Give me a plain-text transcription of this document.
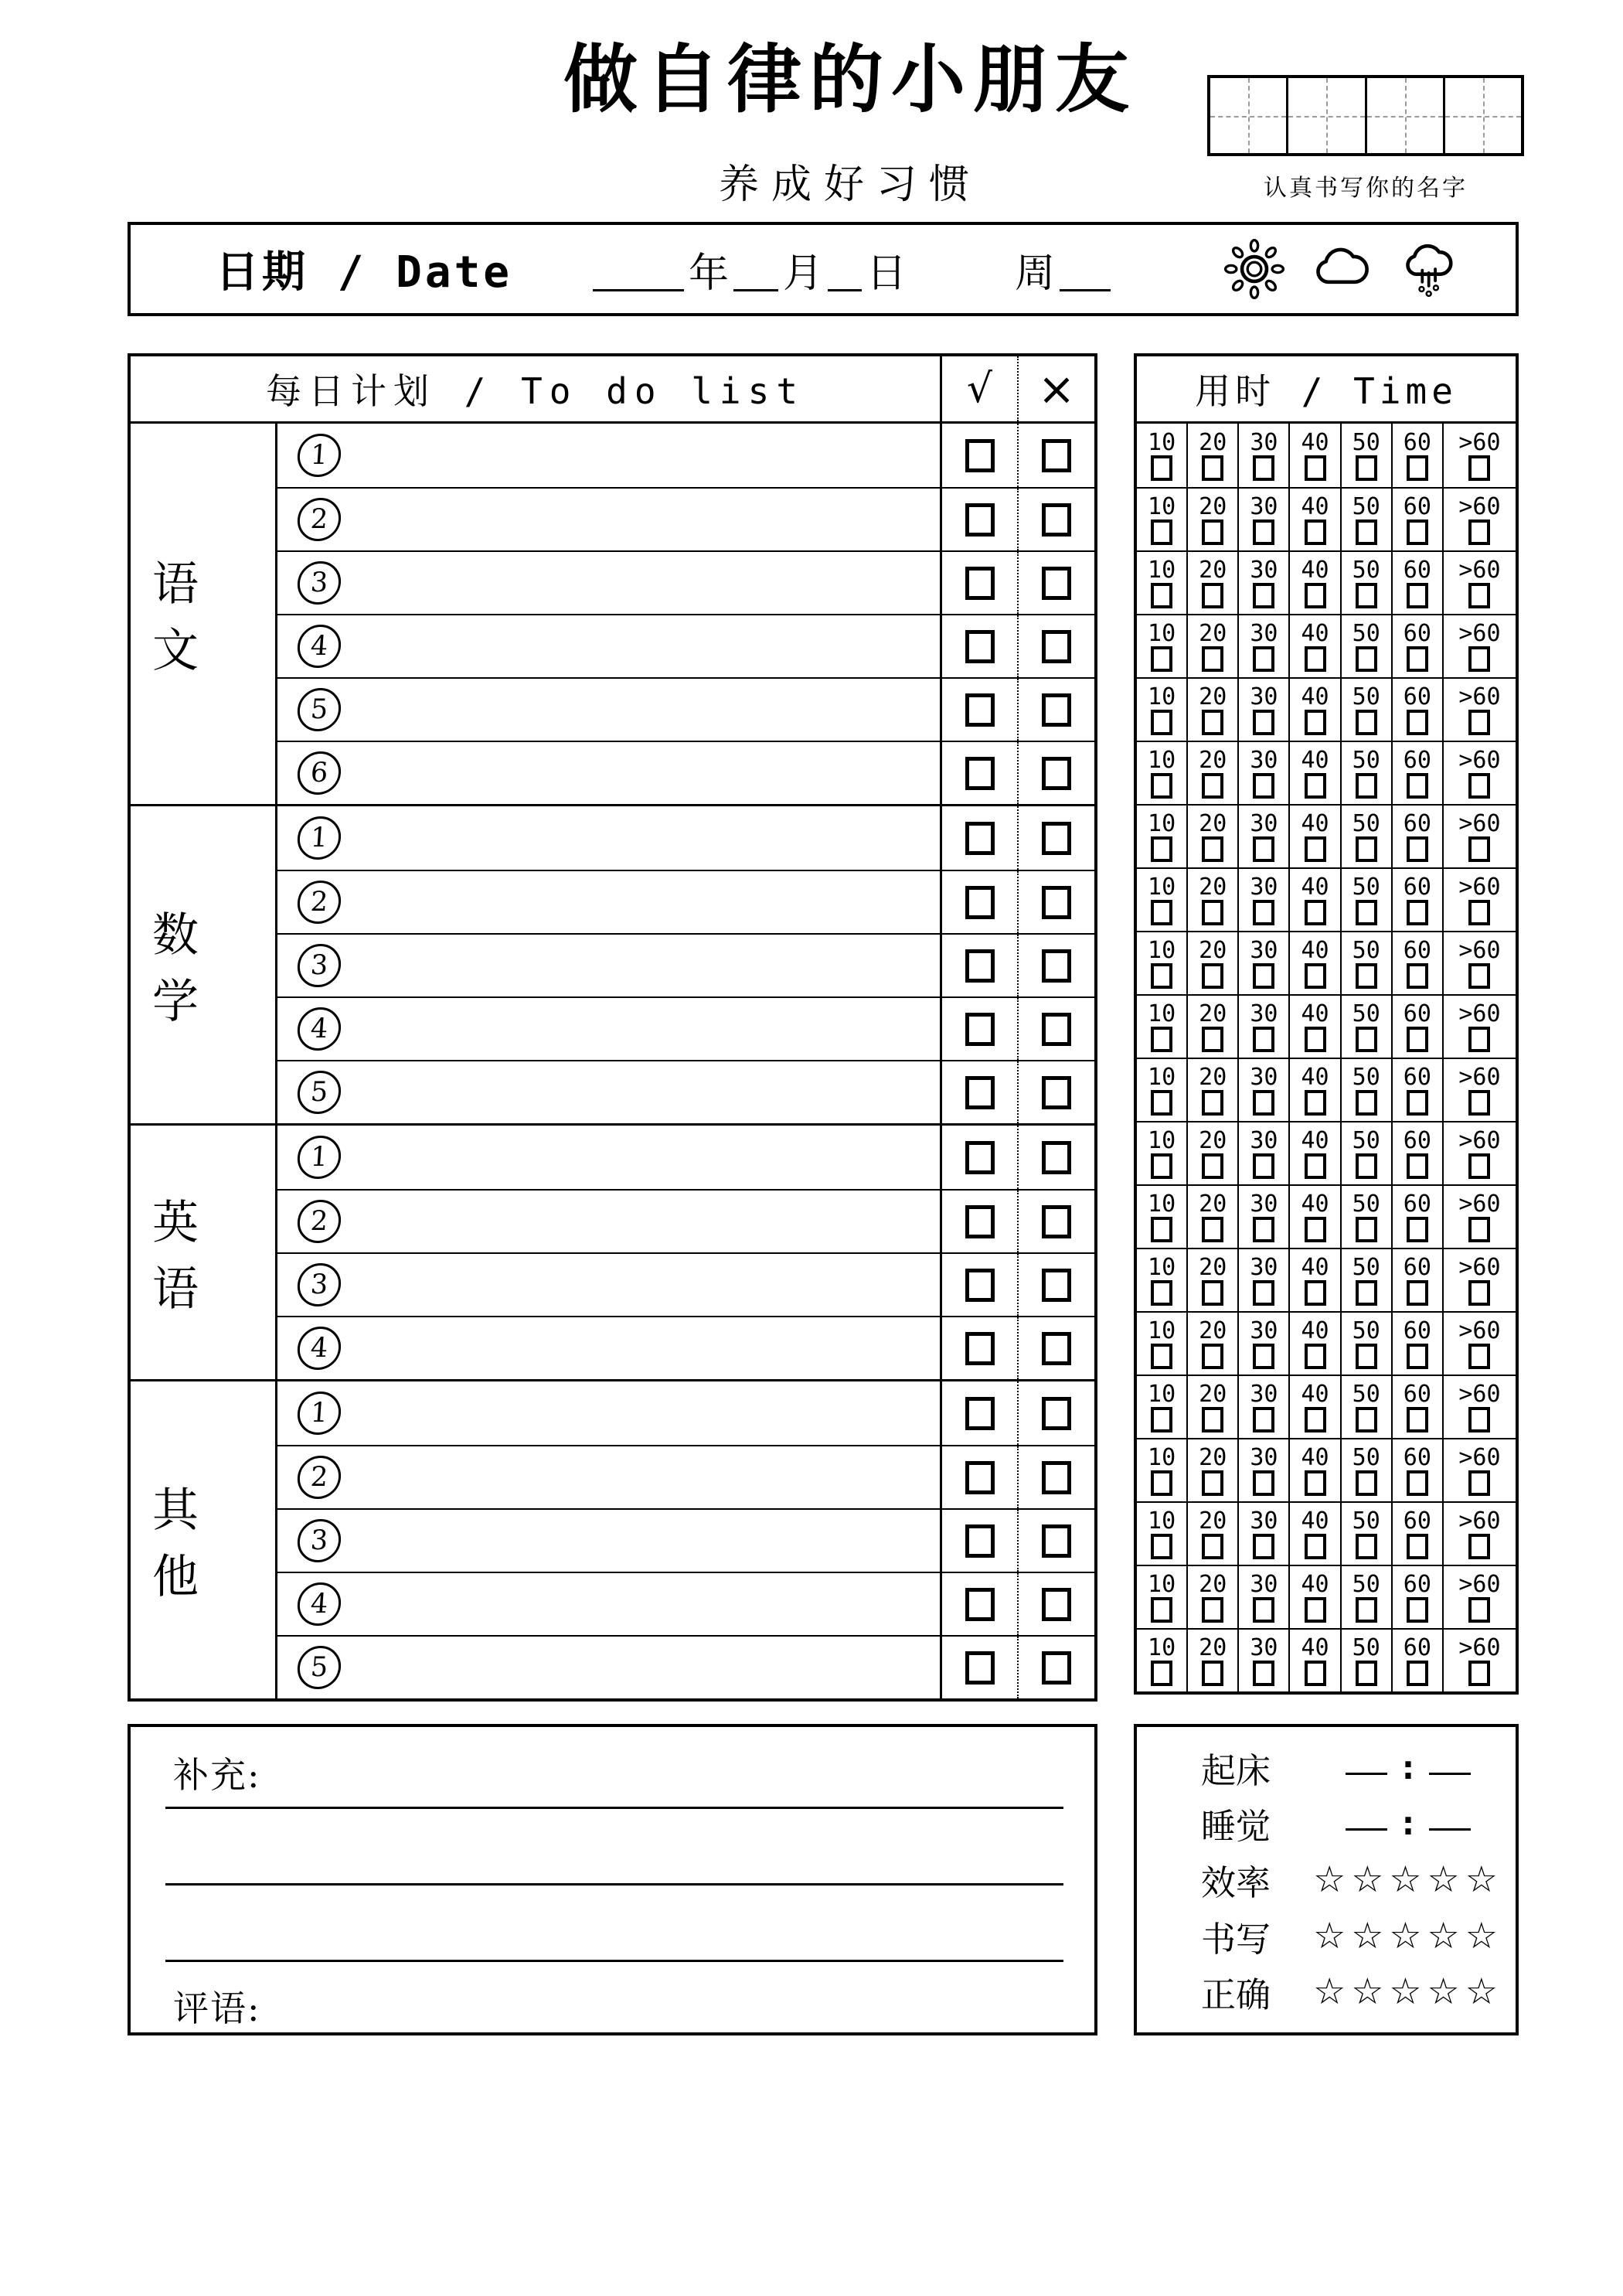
做自律的小朋友
养成好习惯	认真书写你的名字
日期 / Date	年 月 日	周
每日计划 / To do list	√	×
语文
1
2
3
4
5
6
数学
1
2
3
4
5
英语
1
2
3
4
其他
1
2
3
4
5
用时 / Time
10 20 30 40 50 60 >60
10 20 30 40 50 60 >60
10 20 30 40 50 60 >60
10 20 30 40 50 60 >60
10 20 30 40 50 60 >60
10 20 30 40 50 60 >60
10 20 30 40 50 60 >60
10 20 30 40 50 60 >60
10 20 30 40 50 60 >60
10 20 30 40 50 60 >60
10 20 30 40 50 60 >60
10 20 30 40 50 60 >60
10 20 30 40 50 60 >60
10 20 30 40 50 60 >60
10 20 30 40 50 60 >60
10 20 30 40 50 60 >60
10 20 30 40 50 60 >60
10 20 30 40 50 60 >60
10 20 30 40 50 60 >60
10 20 30 40 50 60 >60
补充:
评语:
起床	:
睡觉	:
效率	☆☆☆☆☆
书写	☆☆☆☆☆
正确	☆☆☆☆☆
